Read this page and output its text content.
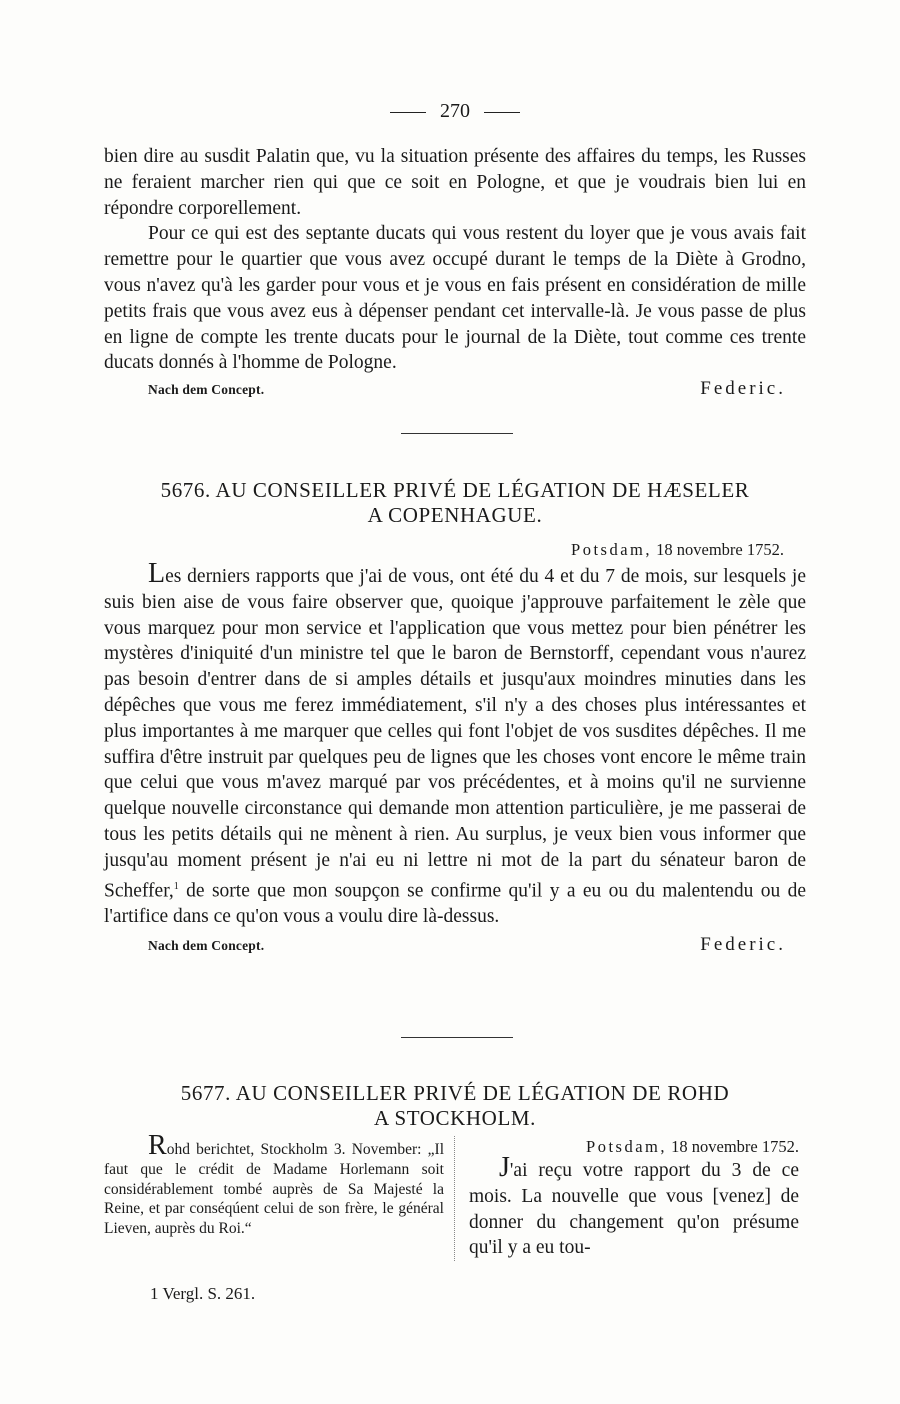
270

bien dire au susdit Palatin que, vu la situation présente des affaires du temps, les Russes ne feraient marcher rien qui que ce soit en Pologne, et que je voudrais bien lui en répondre corporellement.

Pour ce qui est des septante ducats qui vous restent du loyer que je vous avais fait remettre pour le quartier que vous avez occupé durant le temps de la Diète à Grodno, vous n'avez qu'à les garder pour vous et je vous en fais présent en considération de mille petits frais que vous avez eus à dépenser pendant cet intervalle-là. Je vous passe de plus en ligne de compte les trente ducats pour le journal de la Diète, tout comme ces trente ducats donnés à l'homme de Pologne.

Nach dem Concept.	Federic.
5676. AU CONSEILLER PRIVÉ DE LÉGATION DE HÆSELER
A COPENHAGUE.
Potsdam, 18 novembre 1752.

Les derniers rapports que j'ai de vous, ont été du 4 et du 7 de mois, sur lesquels je suis bien aise de vous faire observer que, quoique j'approuve parfaitement le zèle que vous marquez pour mon service et l'application que vous mettez pour bien pénétrer les mystères d'iniquité d'un ministre tel que le baron de Bernstorff, cependant vous n'aurez pas besoin d'entrer dans de si amples détails et jusqu'aux moindres minuties dans les dépêches que vous me ferez immédiatement, s'il n'y a des choses plus intéressantes et plus importantes à me marquer que celles qui font l'objet de vos susdites dépêches. Il me suffira d'être instruit par quelques peu de lignes que les choses vont encore le même train que celui que vous m'avez marqué par vos précédentes, et à moins qu'il ne survienne quelque nouvelle circonstance qui demande mon attention particulière, je me passerai de tous les petits détails qui ne mènent à rien. Au surplus, je veux bien vous informer que jusqu'au moment présent je n'ai eu ni lettre ni mot de la part du sénateur baron de Scheffer,$^1$ de sorte que mon soupçon se confirme qu'il y a eu ou du malentendu ou de l'artifice dans ce qu'on vous a voulu dire là-dessus.

Nach dem Concept.	Federic.
5677. AU CONSEILLER PRIVÉ DE LÉGATION DE ROHD
A STOCKHOLM.
Rohd berichtet, Stockholm 3. November: „Il faut que le crédit de Madame Horlemann soit considérablement tombé auprès de Sa Majesté la Reine, et par conséqúent celui de son frère, le général Lieven, auprès du Roi.“
Potsdam, 18 novembre 1752.

J'ai reçu votre rapport du 3 de ce mois. La nouvelle que vous [venez] de donner du changement qu'on présume qu'il y a eu tou-

1 Vergl. S. 261.
